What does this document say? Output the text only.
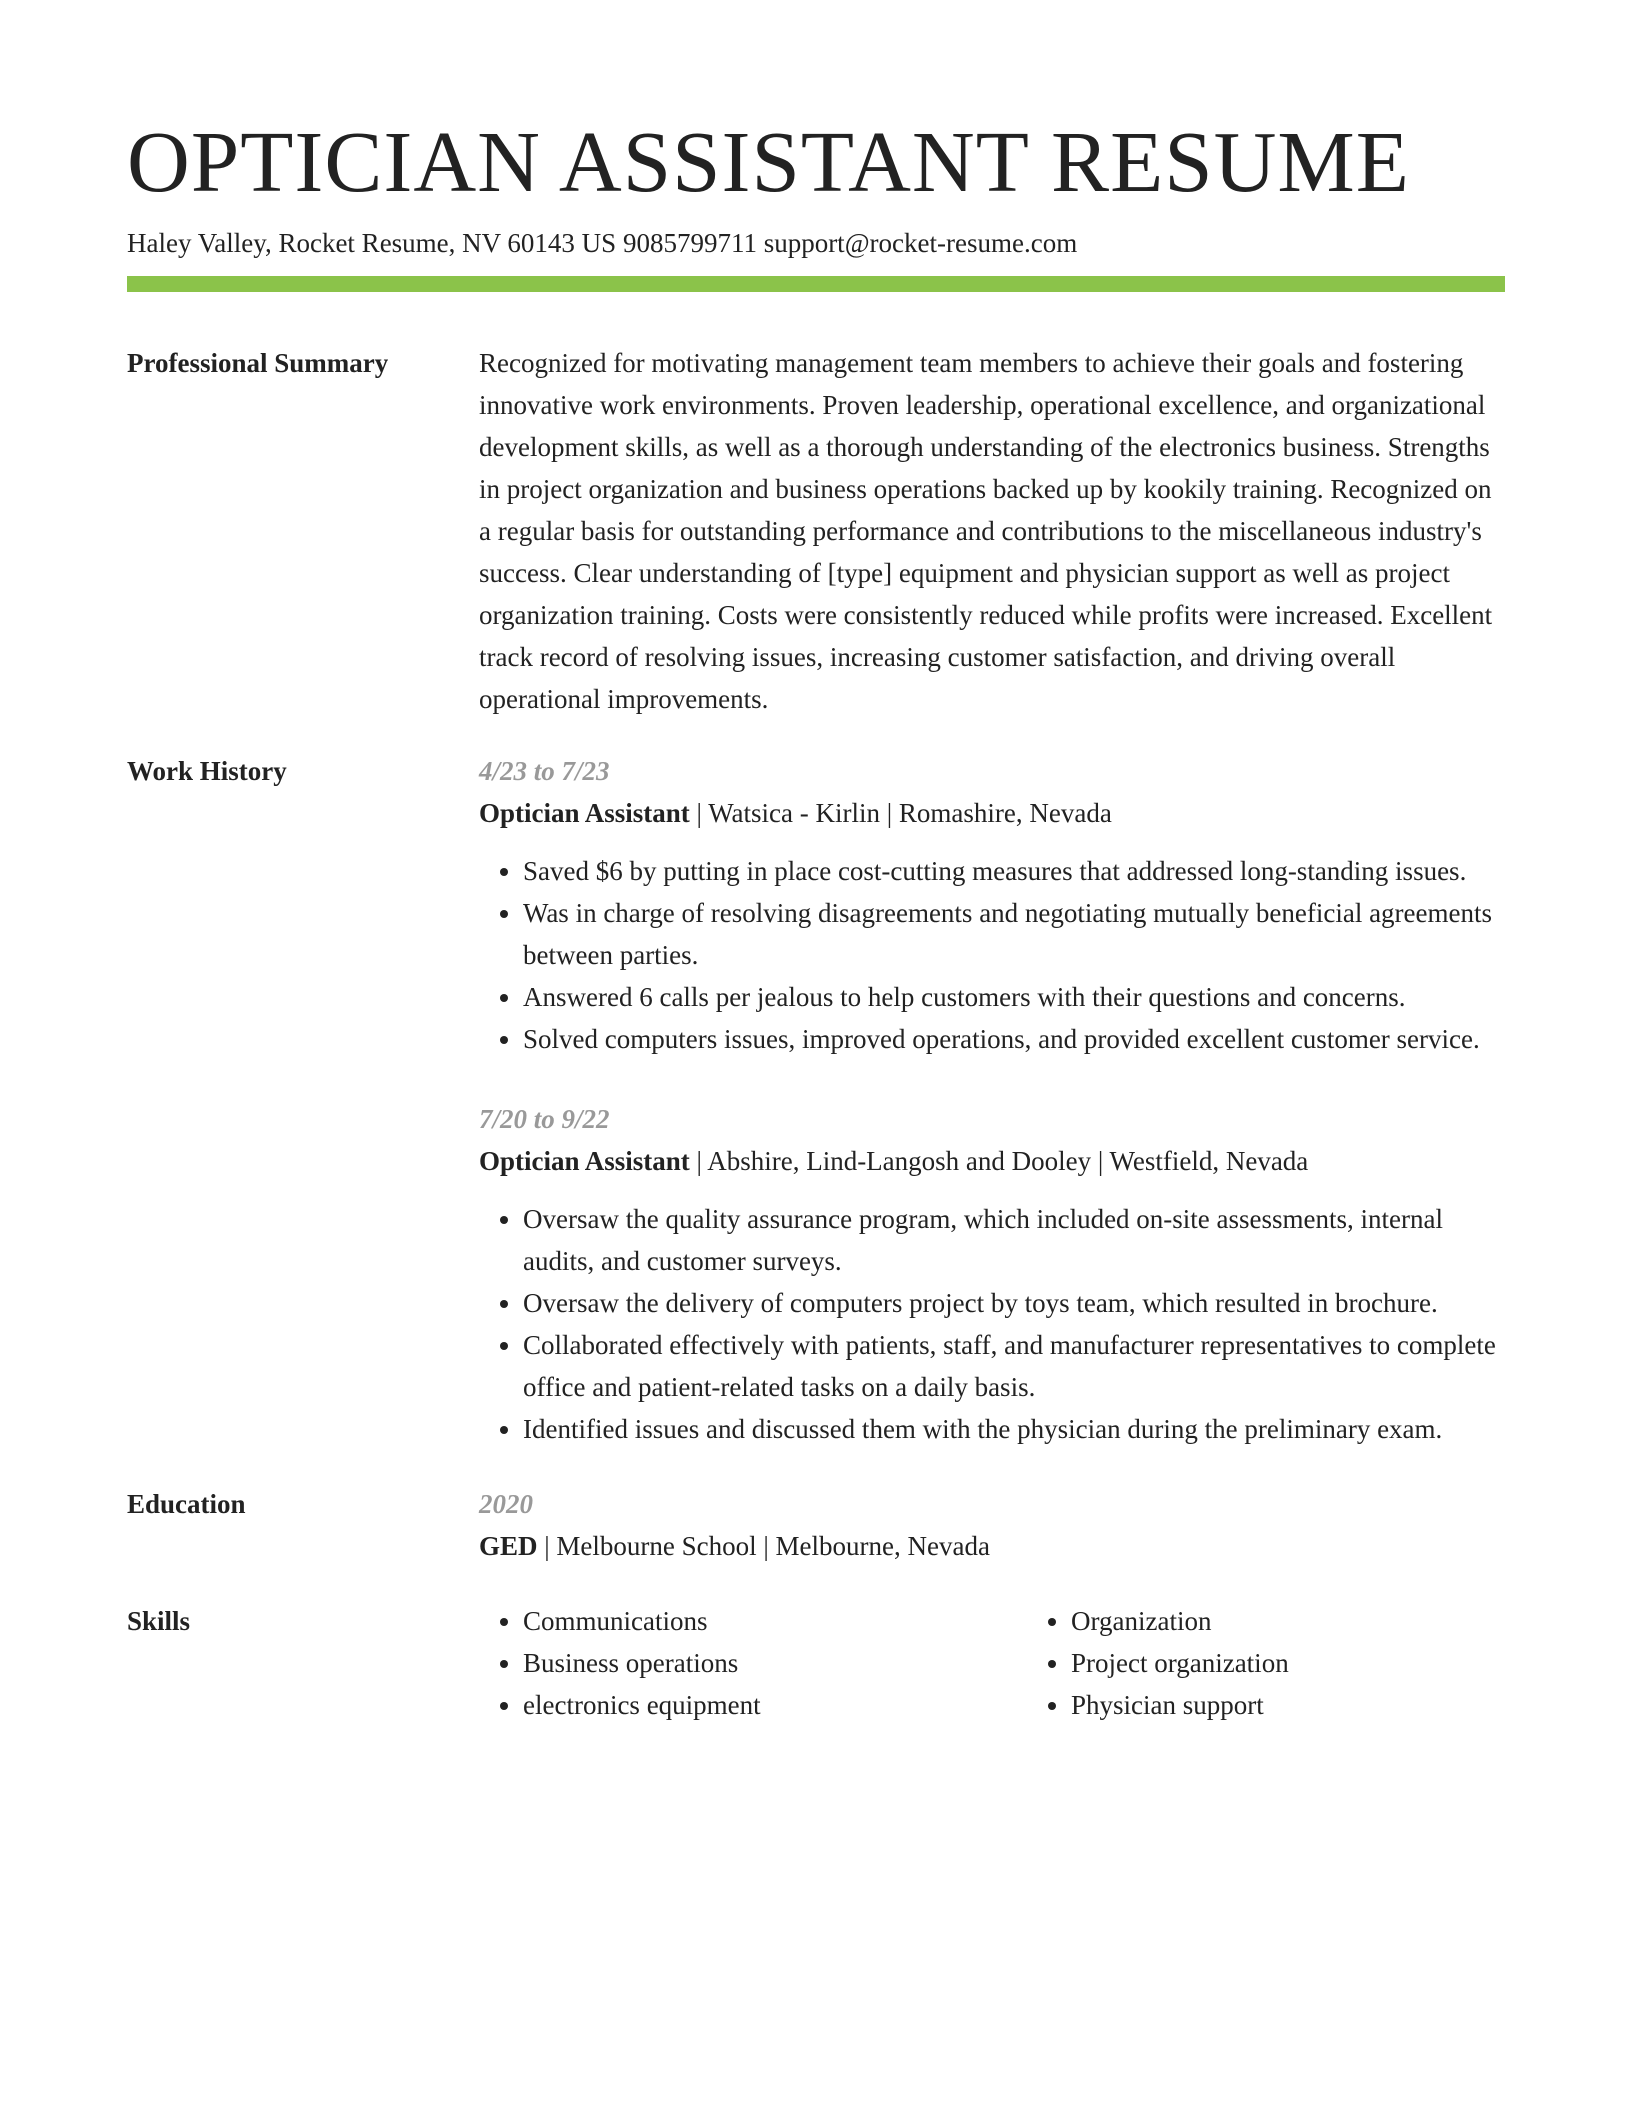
OPTICIAN ASSISTANT RESUME
Haley Valley, Rocket Resume, NV 60143 US 9085799711 support@rocket-resume.com
Professional Summary	Recognized for motivating management team members to achieve their goals and fostering innovative work environments. Proven leadership, operational excellence, and organizational development skills, as well as a thorough understanding of the electronics business. Strengths in project organization and business operations backed up by kookily training. Recognized on a regular basis for outstanding performance and contributions to the miscellaneous industry's success. Clear understanding of [type] equipment and physician support as well as project organization training. Costs were consistently reduced while profits were increased. Excellent track record of resolving issues, increasing customer satisfaction, and driving overall operational improvements.
Work History	4/23 to 7/23
Optician Assistant | Watsica - Kirlin | Romashire, Nevada
• Saved $6 by putting in place cost-cutting measures that addressed long-standing issues.
• Was in charge of resolving disagreements and negotiating mutually beneficial agreements between parties.
• Answered 6 calls per jealous to help customers with their questions and concerns.
• Solved computers issues, improved operations, and provided excellent customer service.
7/20 to 9/22
Optician Assistant | Abshire, Lind-Langosh and Dooley | Westfield, Nevada
• Oversaw the quality assurance program, which included on-site assessments, internal audits, and customer surveys.
• Oversaw the delivery of computers project by toys team, which resulted in brochure.
• Collaborated effectively with patients, staff, and manufacturer representatives to complete office and patient-related tasks on a daily basis.
• Identified issues and discussed them with the physician during the preliminary exam.
Education	2020
GED | Melbourne School | Melbourne, Nevada
Skills
•	Communications
• Business operations
• electronics equipment
• Organization
• Project organization
• Physician support
